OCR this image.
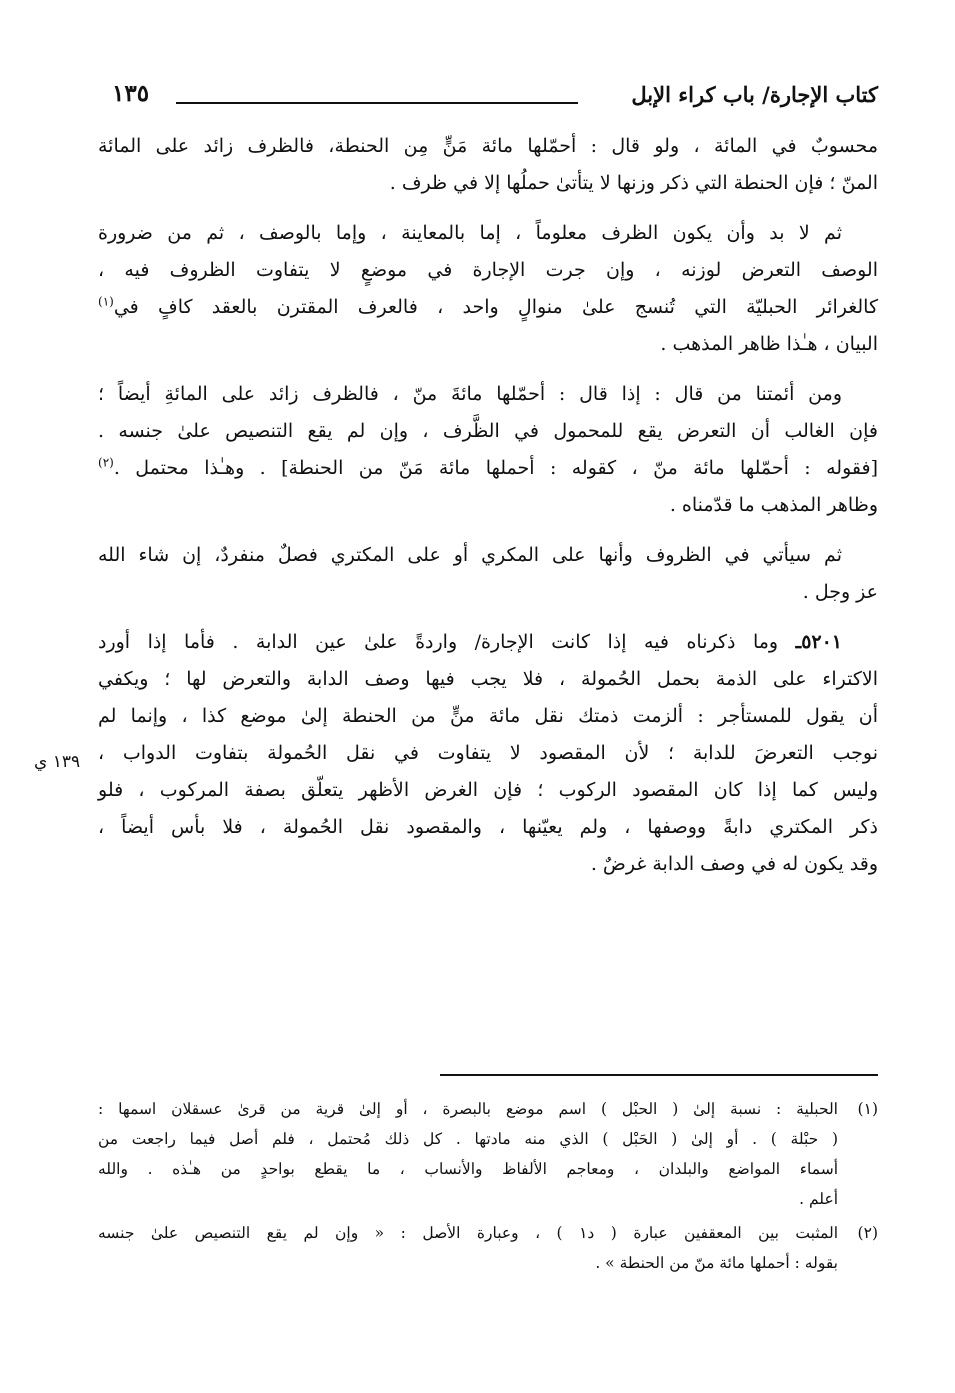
كتاب الإجارة/ باب كراء الإبل
١٣٥

محسوبٌ في المائة ، ولو قال : أحمّلها مائة مَنٍّ مِن الحنطة، فالظرف زائد على المائة
المنّ ؛ فإن الحنطة التي ذكر وزنها لا يتأتىٰ حملُها إلا في ظرف .

ثم لا بد وأن يكون الظرف معلوماً ، إما بالمعاينة ، وإما بالوصف ، ثم من ضرورة
الوصف التعرض لوزنه ، وإن جرت الإجارة في موضعٍ لا يتفاوت الظروف فيه ،
كالغرائر الحبليّة التي تُنسج علىٰ منوالٍ واحد ، فالعرف المقترن بالعقد كافٍ في$^{(١)}$
البيان ، هـٰذا ظاهر المذهب .

ومن أئمتنا من قال : إذا قال : أحمّلها مائةَ منّ ، فالظرف زائد على المائةِ أيضاً ؛
فإن الغالب أن التعرض يقع للمحمول في الظَّرف ، وإن لم يقع التنصيص علىٰ جنسه .
[فقوله : أحمّلها مائة منّ ، كقوله : أحملها مائة مَنّ من الحنطة] . وهـٰذا محتمل .$^{(٢)}$
وظاهر المذهب ما قدّمناه .

ثم سيأتي في الظروف وأنها على المكري أو على المكتري فصلٌ منفردٌ، إن شاء الله
عز وجل .

٥٢٠١ـ وما ذكرناه فيه إذا كانت الإجارة/ واردةً علىٰ عين الدابة . فأما إذا أورد
الاكتراء على الذمة بحمل الحُمولة ، فلا يجب فيها وصف الدابة والتعرض لها ؛ ويكفي
أن يقول للمستأجر : ألزمت ذمتك نقل مائة منٍّ من الحنطة إلىٰ موضع كذا ، وإنما لم
نوجب التعرضَ للدابة ؛ لأن المقصود لا يتفاوت في نقل الحُمولة بتفاوت الدواب ،
وليس كما إذا كان المقصود الركوب ؛ فإن الغرض الأظهر يتعلّق بصفة المركوب ، فلو
ذكر المكتري دابةً ووصفها ، ولم يعيّنها ، والمقصود نقل الحُمولة ، فلا بأس أيضاً ،
وقد يكون له في وصف الدابة غرضٌ .

١٣٩ ي
(١)
الحبلية : نسبة إلىٰ ( الحبْل ) اسم موضع بالبصرة ، أو إلىٰ قرية من قرىٰ عسقلان اسمها :
( حبْلة ) . أو إلىٰ ( الحَبْل ) الذي منه مادتها . كل ذلك مُحتمل ، فلم أصل فيما راجعت من
أسماء المواضع والبلدان ، ومعاجم الألفاظ والأنساب ، ما يقطع بواحدٍ من هـٰذه . والله
أعلم .
(٢)
المثبت بين المعقفين عبارة ( د١ ) ، وعبارة الأصل : « وإن لم يقع التنصيص علىٰ جنسه
بقوله : أحملها مائة منّ من الحنطة » .
